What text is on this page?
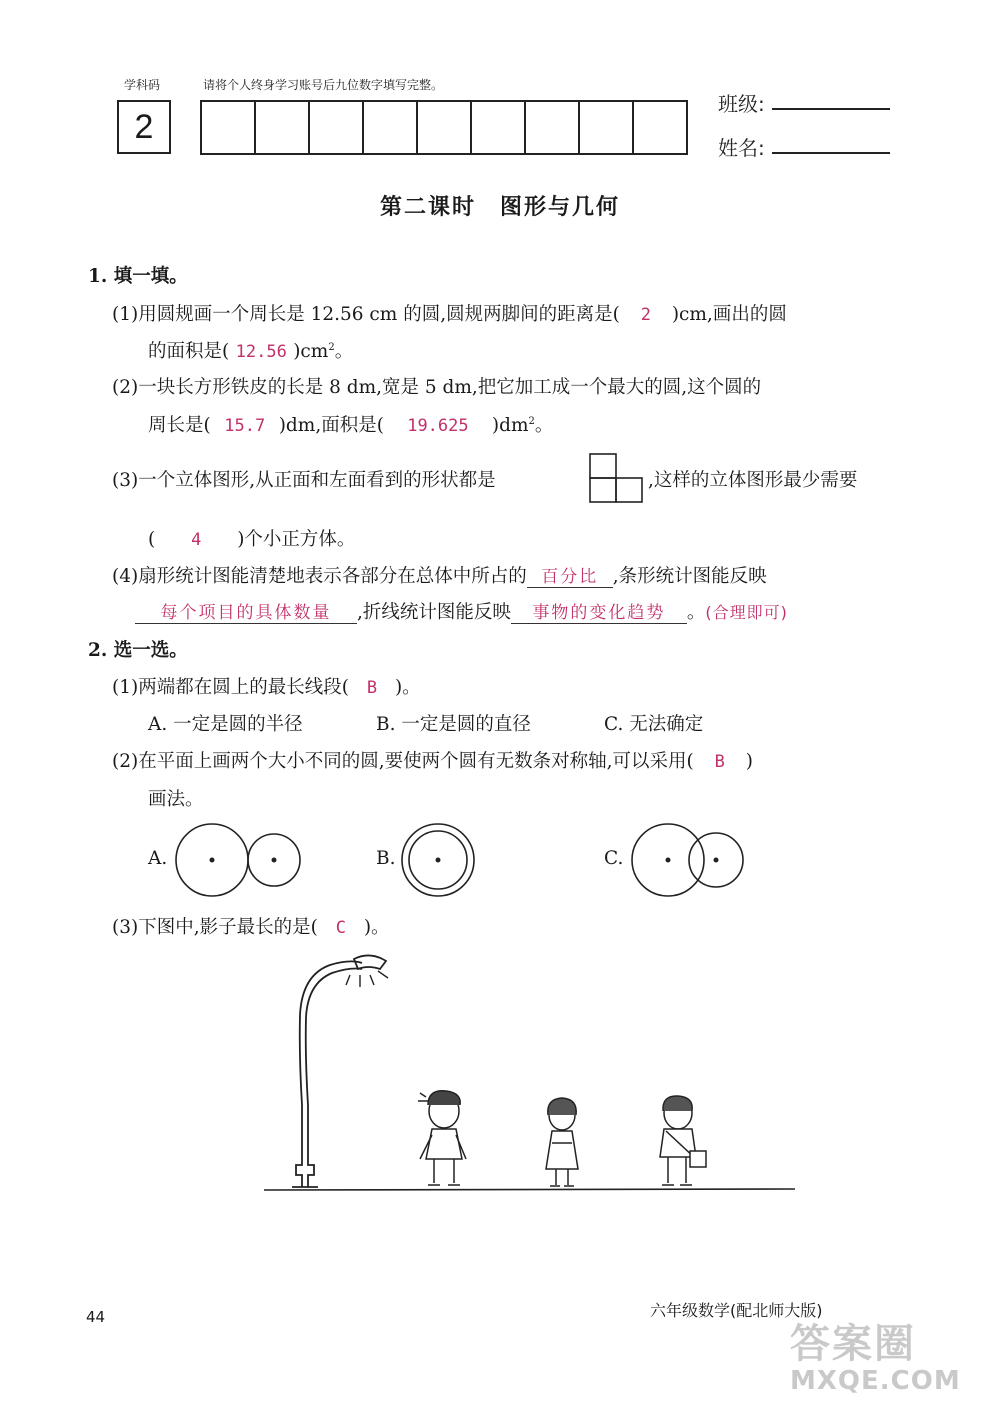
学科码	请将个人终身学习账号后九位数字填写完整。
2
班级:
姓名:
第二课时　图形与几何
1. 填一填。
(1)用圆规画一个周长是 12.56 cm 的圆,圆规两脚间的距离是( 2 )cm,画出的圆
的面积是( 12.56 )$cm^2$。
(2)一块长方形铁皮的长是 8 dm,宽是 5 dm,把它加工成一个最大的圆,这个圆的
周长是( 15.7 )dm,面积是( 19.625 )$dm^2$。
(3)一个立体图形,从正面和左面看到的形状都是	,这样的立体图形最少需要
( 4 )个小正方体。
(4)扇形统计图能清楚地表示各部分在总体中所占的 百分比 ,条形统计图能反映
每个项目的具体数量 ,折线统计图能反映 事物的变化趋势 。(合理即可)
2. 选一选。
(1)两端都在圆上的最长线段( B )。
A. 一定是圆的半径	B. 一定是圆的直径	C. 无法确定
(2)在平面上画两个大小不同的圆,要使两个圆有无数条对称轴,可以采用( B )
画法。
A.	B.	C.
(3)下图中,影子最长的是( C )。
44	六年级数学(配北师大版)
答案圈
MXQE.COM
